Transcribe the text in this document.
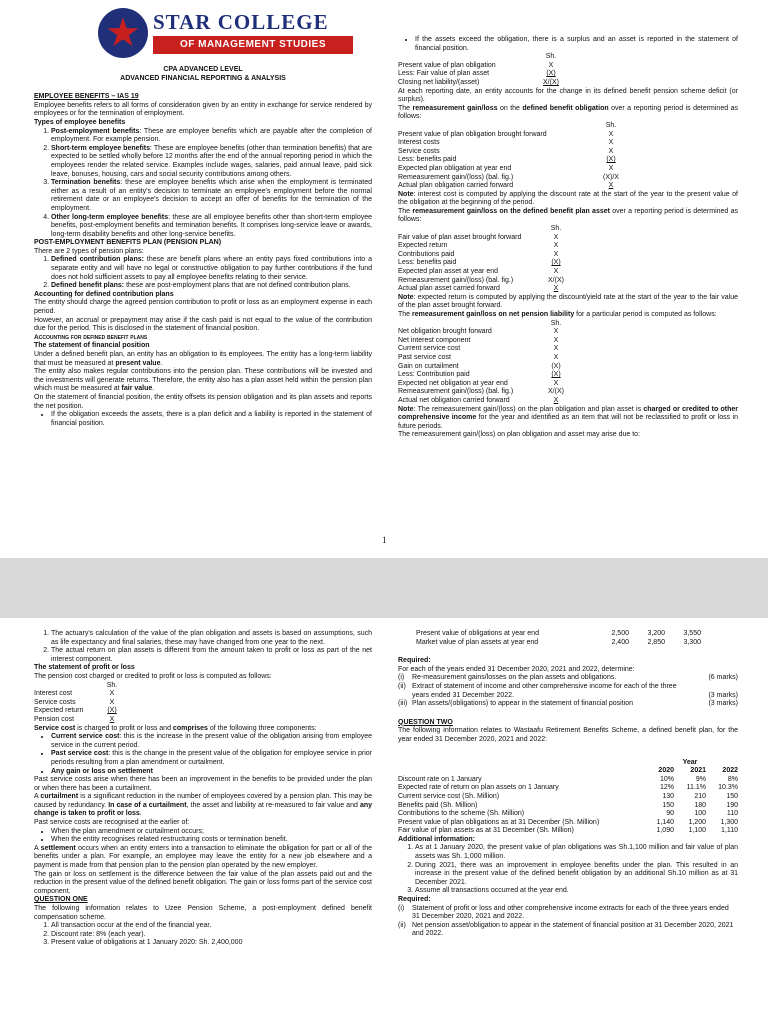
★ STAR COLLEGE
OF MANAGEMENT STUDIES

CPA ADVANCED LEVEL

ADVANCED FINANCIAL REPORTING & ANALYSIS

EMPLOYEE BENEFITS – IAS 19

Employee benefits refers to all forms of consideration given by an entity in exchange for service rendered by employees or for the termination of employment.

Types of employee benefits

1. Post-employment benefits: These are employee benefits which are payable after the completion of employment. For example pension.
2. Short-term employee benefits: These are employee benefits (other than termination benefits) that are expected to be settled wholly before 12 months after the end of the annual reporting period in which the employees render the related service. Examples include wages, salaries, paid annual leave, paid sick leave, bonuses, housing, cars and social security contributions among others.
3. Termination benefits: these are employee benefits which arise when the employment is terminated either as a result of an entity's decision to terminate an employee's employment before the normal retirement date or an employee's decision to accept an offer of benefits for the termination of the employment.
4. Other long-term employee benefits: these are all employee benefits other than short-term employee benefits, post-employment benefits and termination benefits. It comprises long-service leave or awards, long-term disability benefits and other long-service benefits.

POST-EMPLOYMENT BENEFITS PLAN (PENSION PLAN)

There are 2 types of pension plans:

1. Defined contribution plans: these are benefit plans where an entity pays fixed contributions into a separate entity and will have no legal or constructive obligation to pay further contributions if the fund does not hold sufficient assets to pay all employee benefits relating to their service.
2. Defined benefit plans: these are post-employment plans that are not defined contribution plans.

Accounting for defined contribution plans

The entity should charge the agreed pension contribution to profit or loss as an employment expense in each period.

However, an accrual or prepayment may arise if the cash paid is not equal to the value of the contribution due for the period. This is disclosed in the statement of financial position.

Accounting for defined benefit plans

The statement of financial position

Under a defined benefit plan, an entity has an obligation to its employees. The entity has a long-term liability that must be measured at present value.

The entity also makes regular contributions into the pension plan. These contributions will be invested and the investments will generate returns. Therefore, the entity also has a plan asset held within the pension plan which must be measured at fair value.

On the statement of financial position, the entity offsets its pension obligation and its plan assets and reports the net position.

• If the obligation exceeds the assets, there is a plan deficit and a liability is reported in the statement of financial position.
• If the assets exceed the obligation, there is a surplus and an asset is reported in the statement of financial position.
	Sh.
Present value of plan obligation	X
Less: Fair value of plan asset	(X)
Closing net liability/(asset)	X/(X)

At each reporting date, an entity accounts for the change in its defined benefit pension scheme deficit (or surplus).

The remeasurement gain/loss on the defined benefit obligation over a reporting period is determined as follows:

	Sh.
Present value of plan obligation brought forward	X
Interest costs	X
Service costs	X
Less: benefits paid	(X)
Expected plan obligation at year end	X
Remeasurement gain/(loss) (bal. fig.)	(X)/X
Actual plan obligation carried forward	X

Note: interest cost is computed by applying the discount rate at the start of the year to the present value of the obligation at the beginning of the period.

The remeasurement gain/loss on the defined benefit plan asset over a reporting period is determined as follows:

	Sh.
Fair value of plan asset brought forward	X
Expected return	X
Contributions paid	X
Less: benefits paid	(X)
Expected plan asset at year end	X
Remeasurement gain/(loss) (bal. fig.)	X/(X)
Actual plan asset carried forward	X

Note: expected return is computed by applying the discount/yield rate at the start of the year to the fair value of the plan asset brought forward.

The remeasurement gain/loss on net pension liability for a particular period is computed as follows:

	Sh.
Net obligation brought forward	X
Net interest component	X
Current service cost	X
Past service cost	X
Gain on curtailment	(X)
Less: Contribution paid	(X)
Expected net obligation at year end	X
Remeasurement gain/(loss) (bal. fig.)	X/(X)
Actual net obligation carried forward	X

Note: The remeasurement gain/(loss) on the plan obligation and plan asset is charged or credited to other comprehensive income for the year and identified as an item that will not be reclassified to profit or loss in future periods.

The remeasurement gain/(loss) on plan obligation and asset may arise due to:

1
1. The actuary's calculation of the value of the plan obligation and assets is based on assumptions, such as life expectancy and final salaries, these may have changed from one year to the next.
2. The actual return on plan assets is different from the amount taken to profit or loss as part of the net interest component.

The statement of profit or loss

The pension cost charged or credited to profit or loss is computed as follows:

	Sh.
Interest cost	X
Service costs	X
Expected return	(X)
Pension cost	X

Service cost is charged to profit or loss and comprises of the following three components:

• Current service cost: this is the increase in the present value of the obligation arising from employee service in the current period.
• Past service cost: this is the change in the present value of the obligation for employee service in prior periods resulting from a plan amendment or curtailment.
• Any gain or loss on settlement

Past service costs arise when there has been an improvement in the benefits to be provided under the plan or when there has been a curtailment.

A curtailment is a significant reduction in the number of employees covered by a pension plan. This may be caused by redundancy. In case of a curtailment, the asset and liability at re-measured to fair value and any change is taken to profit or loss.

Past service costs are recognised at the earlier of:

• When the plan amendment or curtailment occurs;
• When the entity recognises related restructuring costs or termination benefit.

A settlement occurs when an entity enters into a transaction to eliminate the obligation for part or all of the benefits under a plan. For example, an employee may leave the entity for a new job elsewhere and a payment is made from that pension plan to the pension plan operated by the new employer.

The gain or loss on settlement is the difference between the fair value of the plan assets paid out and the reduction in the present value of the defined benefit obligation. The gain or loss forms part of the service cost component.

QUESTION ONE

The following information relates to Uzee Pension Scheme, a post-employment defined benefit compensation scheme.

1. All transaction occur at the end of the financial year.
2. Discount rate: 8% (each year).
3. Present value of obligations at 1 January 2020: Sh. 2,400,000
Present value of obligations at year end	2,500	3,200	3,550
Market value of plan assets at year end	2,400	2,850	3,300

Required:

For each of the years ended 31 December 2020, 2021 and 2022, determine:

(i)	Re-measurement gains/losses on the plan assets and obligations.	(6 marks)
(ii)	Extract of statement of income and other comprehensive income for each of the three years ended 31 December 2022.	(3 marks)
(iii)	Plan assets/(obligations) to appear in the statement of financial position	(3 marks)

QUESTION TWO

The following information relates to Wastaafu Retirement Benefits Scheme, a defined benefit plan, for the year ended 31 December 2020, 2021 and 2022:

		Year	
	2020	2021	2022
Discount rate on 1 January	10%	9%	8%
Expected rate of return on plan assets on 1 January	12%	11.1%	10.3%
Current service cost (Sh. Million)	130	210	150
Benefits paid (Sh. Million)	150	180	190
Contributions to the scheme (Sh. Million)	90	100	110
Present value of plan obligations as at 31 December (Sh. Million)	1,140	1,200	1,300
Fair value of plan assets as at 31 December (Sh. Million)	1,090	1,100	1,110

Additional information:

1. As at 1 January 2020, the present value of plan obligations was Sh.1,100 million and fair value of plan assets was Sh. 1,000 million.
2. During 2021, there was an improvement in employee benefits under the plan. This resulted in an increase in the present value of the defined benefit obligation by an additional Sh.10 million as at 31 December 2021.
3. Assume all transactions occurred at the year end.

Required:

(i)	Statement of profit or loss and other comprehensive income extracts for each of the three years ended 31 December 2020, 2021 and 2022.
(ii)	Net pension asset/obligation to appear in the statement of financial position at 31 December 2020, 2021 and 2022.
